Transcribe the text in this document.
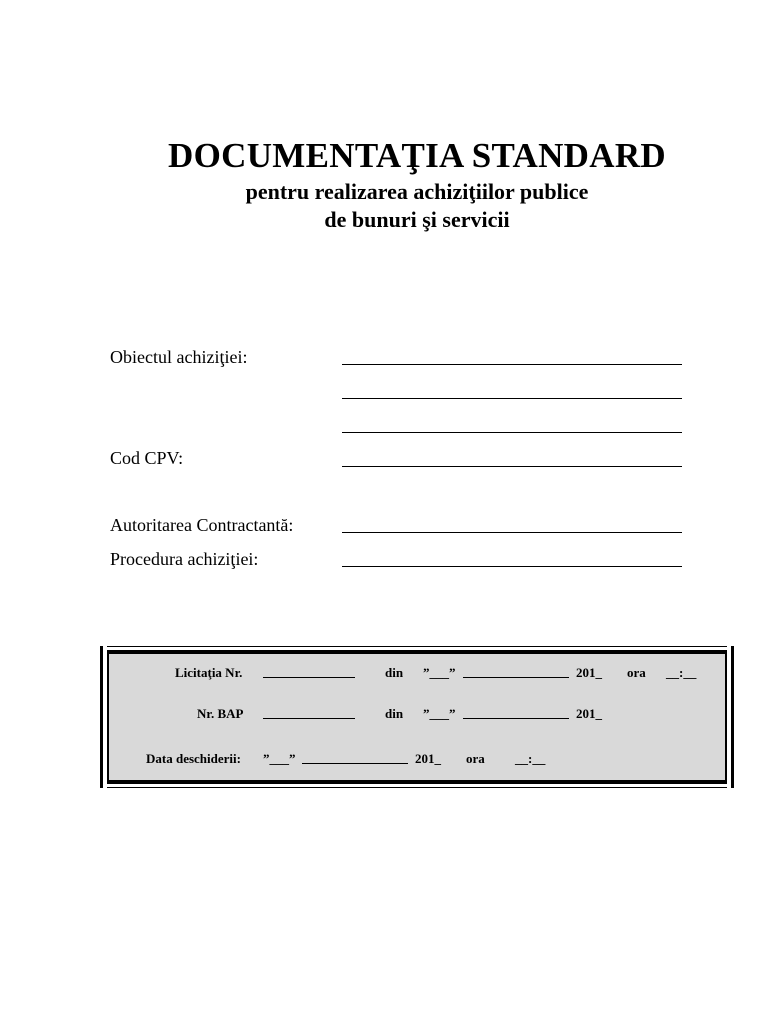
DOCUMENTAŢIA STANDARD
pentru realizarea achiziţiilor publice
de bunuri şi servicii
Obiectul achiziţiei:
Cod CPV:
Autoritarea Contractantă:
Procedura achiziţiei:
Licitaţia Nr.	din ”___”	201_ ora __:__
Nr. BAP	din ”___”	201_
Data deschiderii: ”___”	201_ ora __:__
